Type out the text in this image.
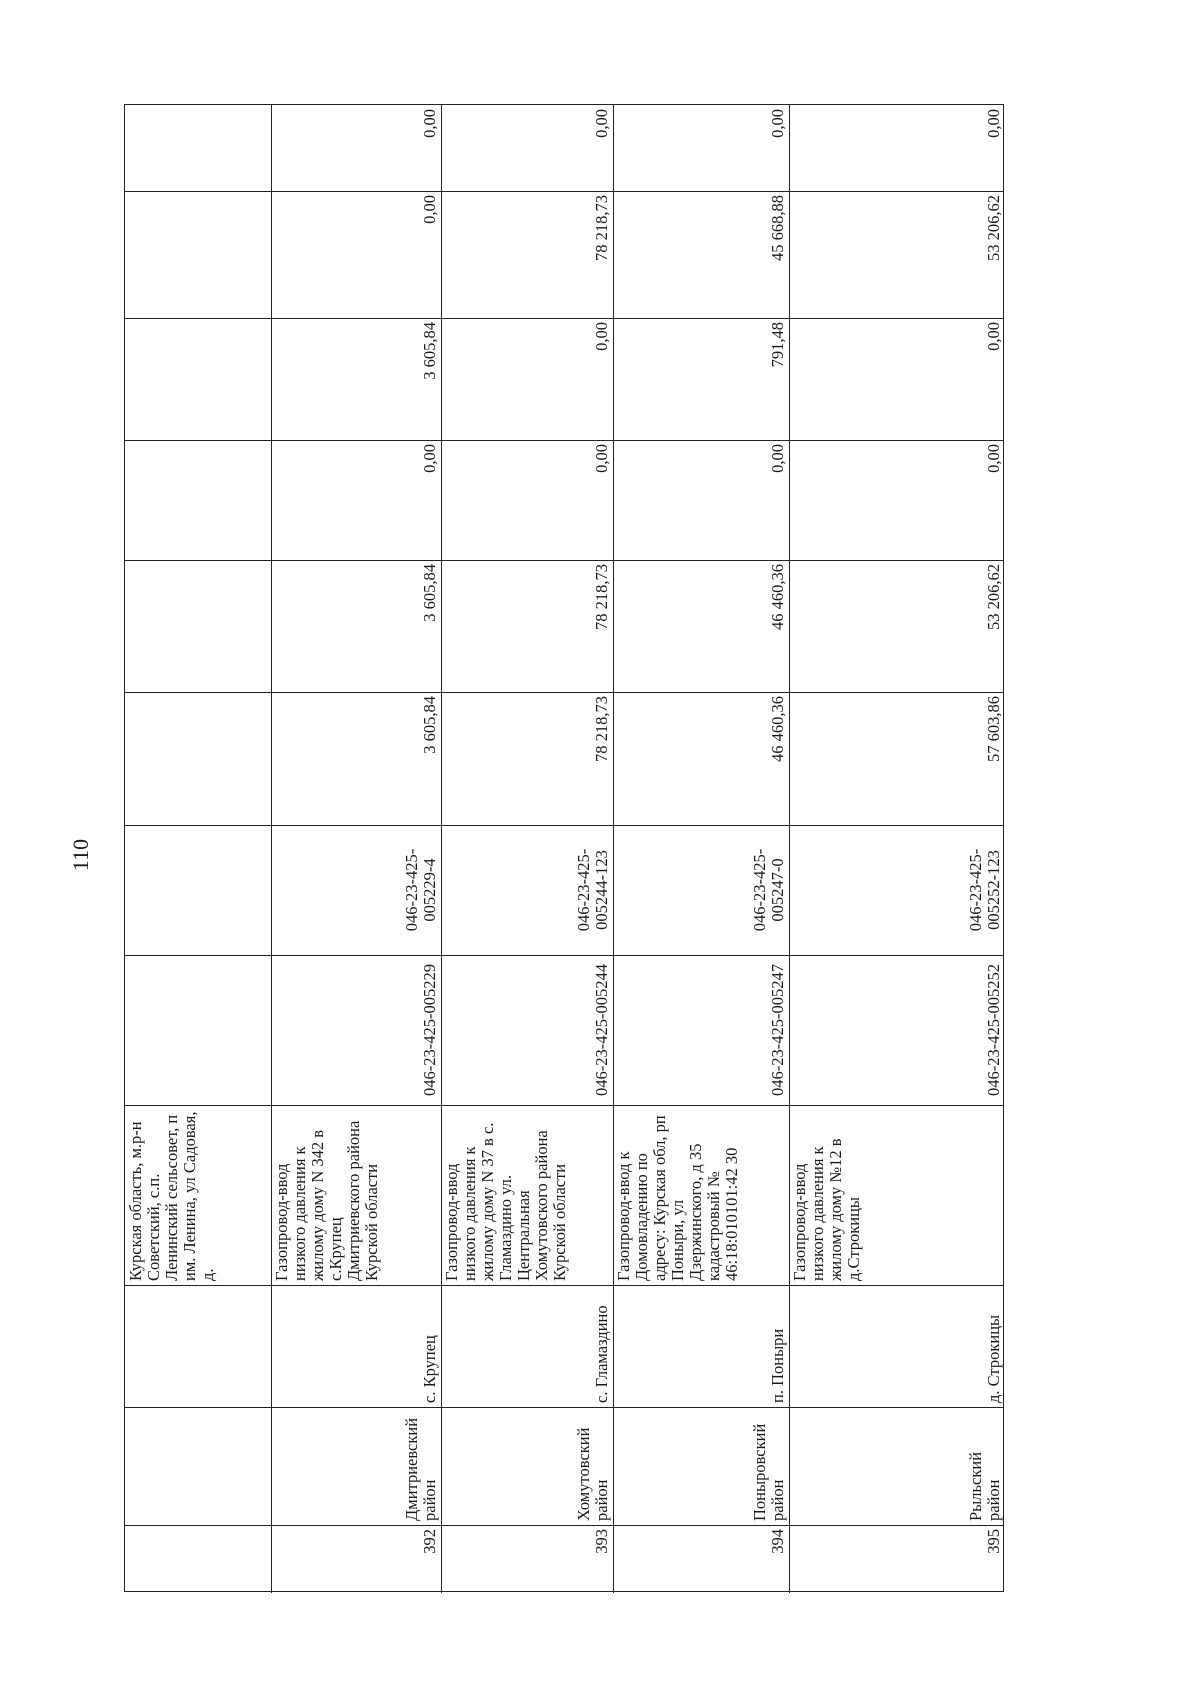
110
Курская область, м.р-н Советский, с.п. Ленинский сельсовет, п им. Ленина, ул Садовая, д.
0,00
0,00
3 605,84
0,00
3 605,84
3 605,84
046-23-425-005229-4
046-23-425-005229
Газопровод-ввод низкого давления к жилому дому N 342 в с.Крупец Дмитриевского района Курской области
с. Крупец
Дмитриевский район
392
0,00
78 218,73
0,00
0,00
78 218,73
78 218,73
046-23-425-005244-123
046-23-425-005244
Газопровод-ввод низкого давления к жилому дому N 37 в с. Гламаздино ул. Центральная Хомутовского района Курской области
с. Гламаздино
Хомутовский район
393
0,00
45 668,88
791,48
0,00
46 460,36
46 460,36
046-23-425-005247-0
046-23-425-005247
Газопровод-ввод к Домовладению по адресу: Курская обл, рп Поныри, ул Дзержинского, д 35 кадастровый № 46:18:010101:42 30
п. Поныри
Поныровский район
394
0,00
53 206,62
0,00
0,00
53 206,62
57 603,86
046-23-425-005252-123
046-23-425-005252
Газопровод-ввод низкого давления к жилому дому №12 в д.Строкицы
д. Строкицы
Рыльский район
395
